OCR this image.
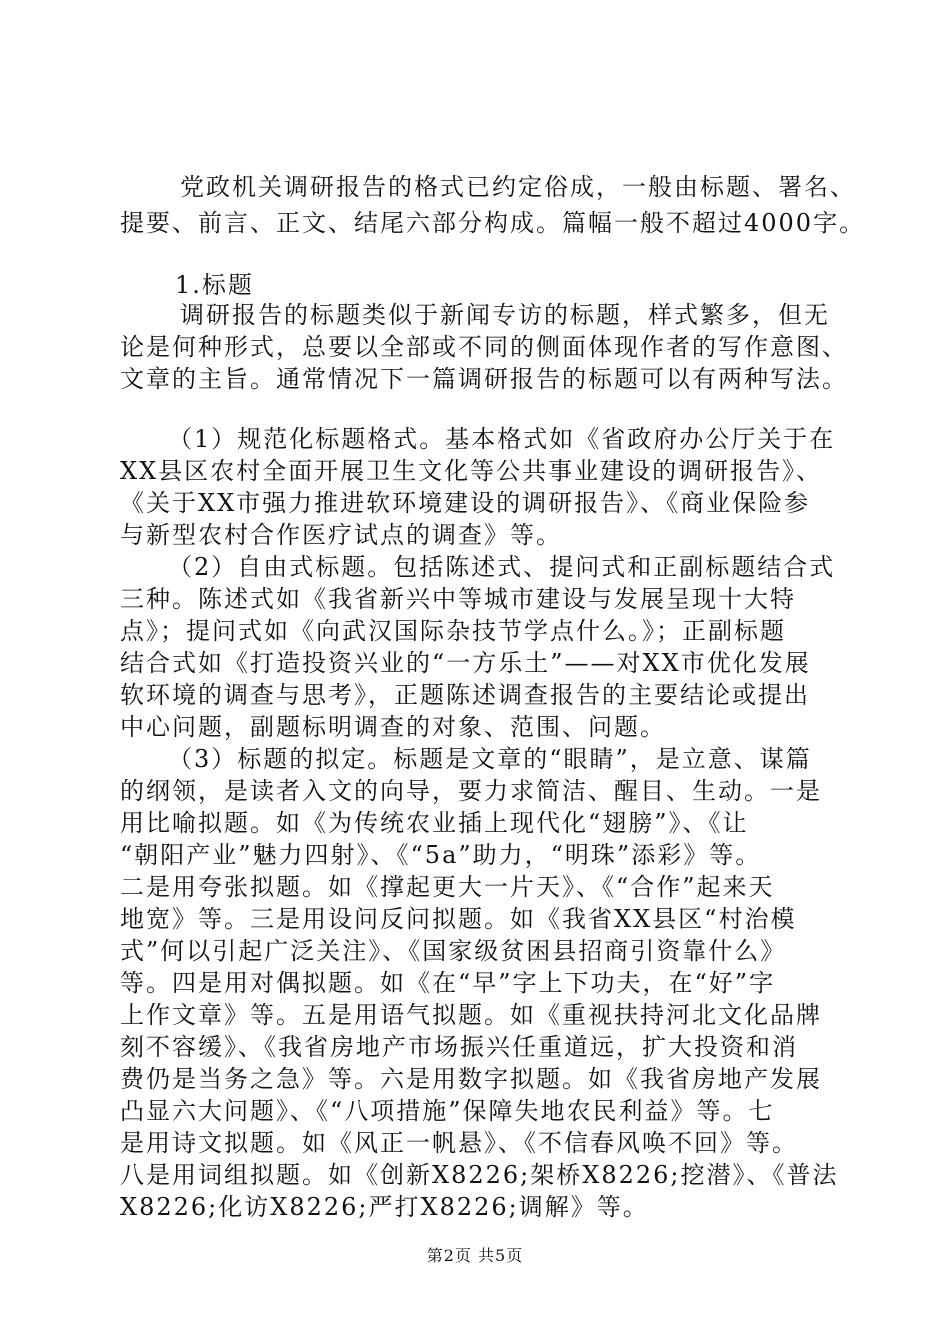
党政机关调研报告的格式已约定俗成，一般由标题、署名、
提要、前言、正文、结尾六部分构成。篇幅一般不超过4000字。
1.标题
调研报告的标题类似于新闻专访的标题，样式繁多，但无
论是何种形式，总要以全部或不同的侧面体现作者的写作意图、
文章的主旨。通常情况下一篇调研报告的标题可以有两种写法。
（1）规范化标题格式。基本格式如《省政府办公厅关于在
XX县区农村全面开展卫生文化等公共事业建设的调研报告》、
《关于XX市强力推进软环境建设的调研报告》、《商业保险参
与新型农村合作医疗试点的调查》等。
（2）自由式标题。包括陈述式、提问式和正副标题结合式
三种。陈述式如《我省新兴中等城市建设与发展呈现十大特
点》；提问式如《向武汉国际杂技节学点什么。》；正副标题
结合式如《打造投资兴业的“一方乐土”——对XX市优化发展
软环境的调查与思考》，正题陈述调查报告的主要结论或提出
中心问题，副题标明调查的对象、范围、问题。
（3）标题的拟定。标题是文章的“眼睛”，是立意、谋篇
的纲领，是读者入文的向导，要力求简洁、醒目、生动。一是
用比喻拟题。如《为传统农业插上现代化“翅膀”》、《让
“朝阳产业”魅力四射》、《“5a”助力，“明珠”添彩》等。
二是用夸张拟题。如《撑起更大一片天》、《“合作”起来天
地宽》等。三是用设问反问拟题。如《我省XX县区“村治模
式”何以引起广泛关注》、《国家级贫困县招商引资靠什么》
等。四是用对偶拟题。如《在“早”字上下功夫，在“好”字
上作文章》等。五是用语气拟题。如《重视扶持河北文化品牌
刻不容缓》、《我省房地产市场振兴任重道远，扩大投资和消
费仍是当务之急》等。六是用数字拟题。如《我省房地产发展
凸显六大问题》、《“八项措施”保障失地农民利益》等。七
是用诗文拟题。如《风正一帆悬》、《不信春风唤不回》等。
八是用词组拟题。如《创新X8226;架桥X8226;挖潜》、《普法
X8226;化访X8226;严打X8226;调解》等。
第2页 共5页
